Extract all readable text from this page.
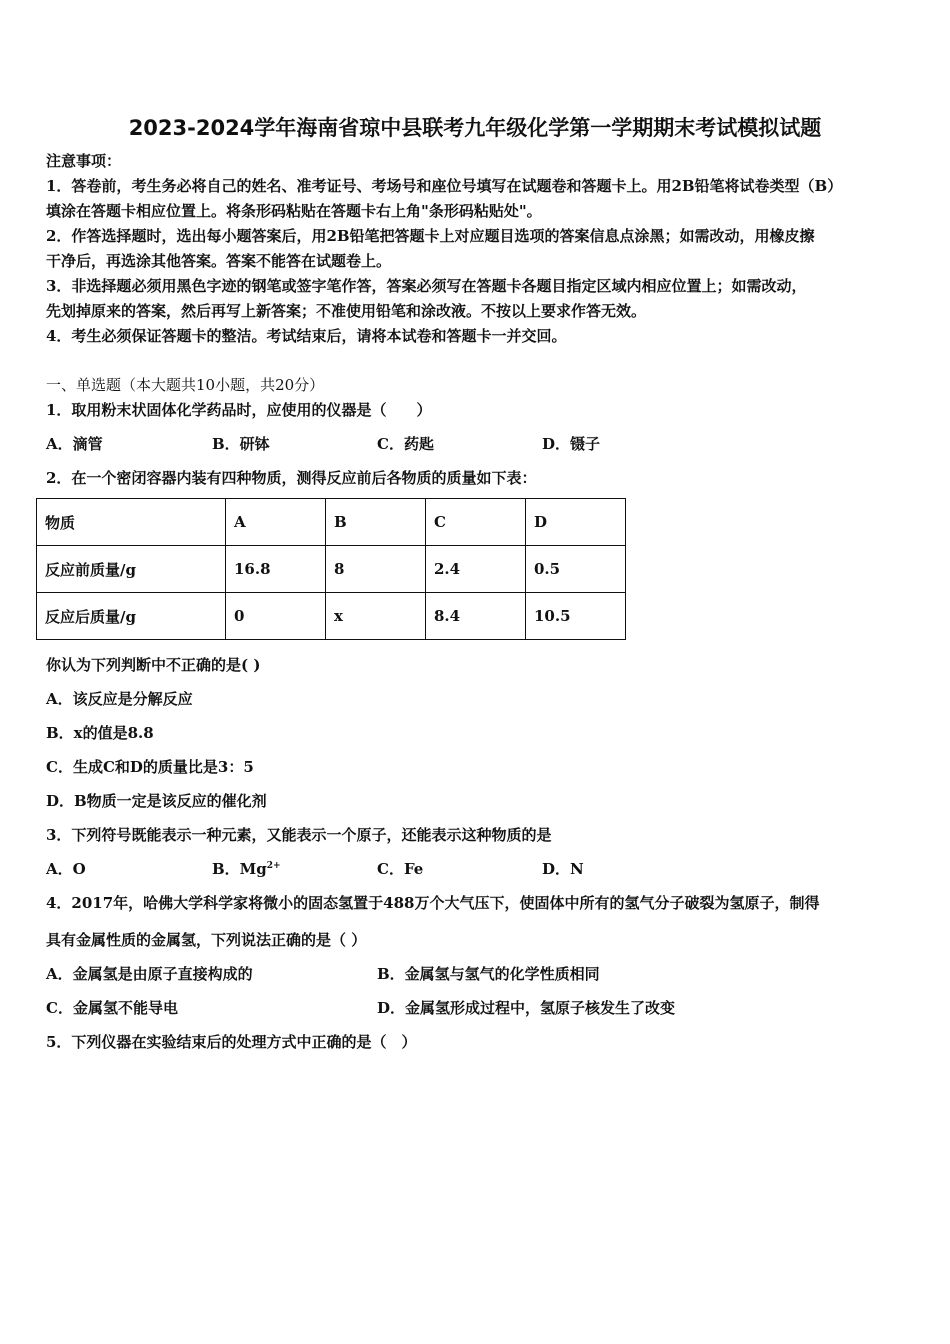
2023-2024学年海南省琼中县联考九年级化学第一学期期末考试模拟试题
注意事项：
1．答卷前，考生务必将自己的姓名、准考证号、考场号和座位号填写在试题卷和答题卡上。用2B铅笔将试卷类型（B）
填涂在答题卡相应位置上。将条形码粘贴在答题卡右上角"条形码粘贴处"。
2．作答选择题时，选出每小题答案后，用2B铅笔把答题卡上对应题目选项的答案信息点涂黑；如需改动，用橡皮擦
干净后，再选涂其他答案。答案不能答在试题卷上。
3．非选择题必须用黑色字迹的钢笔或签字笔作答，答案必须写在答题卡各题目指定区域内相应位置上；如需改动，
先划掉原来的答案，然后再写上新答案；不准使用铅笔和涂改液。不按以上要求作答无效。
4．考生必须保证答题卡的整洁。考试结束后，请将本试卷和答题卡一并交回。
一、单选题（本大题共10小题，共20分）
1．取用粉末状固体化学药品时，应使用的仪器是（　　）
A．滴管	B．研钵	C．药匙	D．镊子
2．在一个密闭容器内装有四种物质，测得反应前后各物质的质量如下表：
物质	A	B	C	D
反应前质量/g	16.8	8	2.4	0.5
反应后质量/g	0	x	8.4	10.5
你认为下列判断中不正确的是( )
A．该反应是分解反应
B．x的值是8.8
C．生成C和D的质量比是3：5
D．B物质一定是该反应的催化剂
3．下列符号既能表示一种元素，又能表示一个原子，还能表示这种物质的是
A．O	B．$Mg^{2+}$	C．Fe	D．N
4．2017年，哈佛大学科学家将微小的固态氢置于488万个大气压下，使固体中所有的氢气分子破裂为氢原子，制得
具有金属性质的金属氢，下列说法正确的是（ ）
A．金属氢是由原子直接构成的	B．金属氢与氢气的化学性质相同
C．金属氢不能导电	D．金属氢形成过程中，氢原子核发生了改变
5．下列仪器在实验结束后的处理方式中正确的是（　）
